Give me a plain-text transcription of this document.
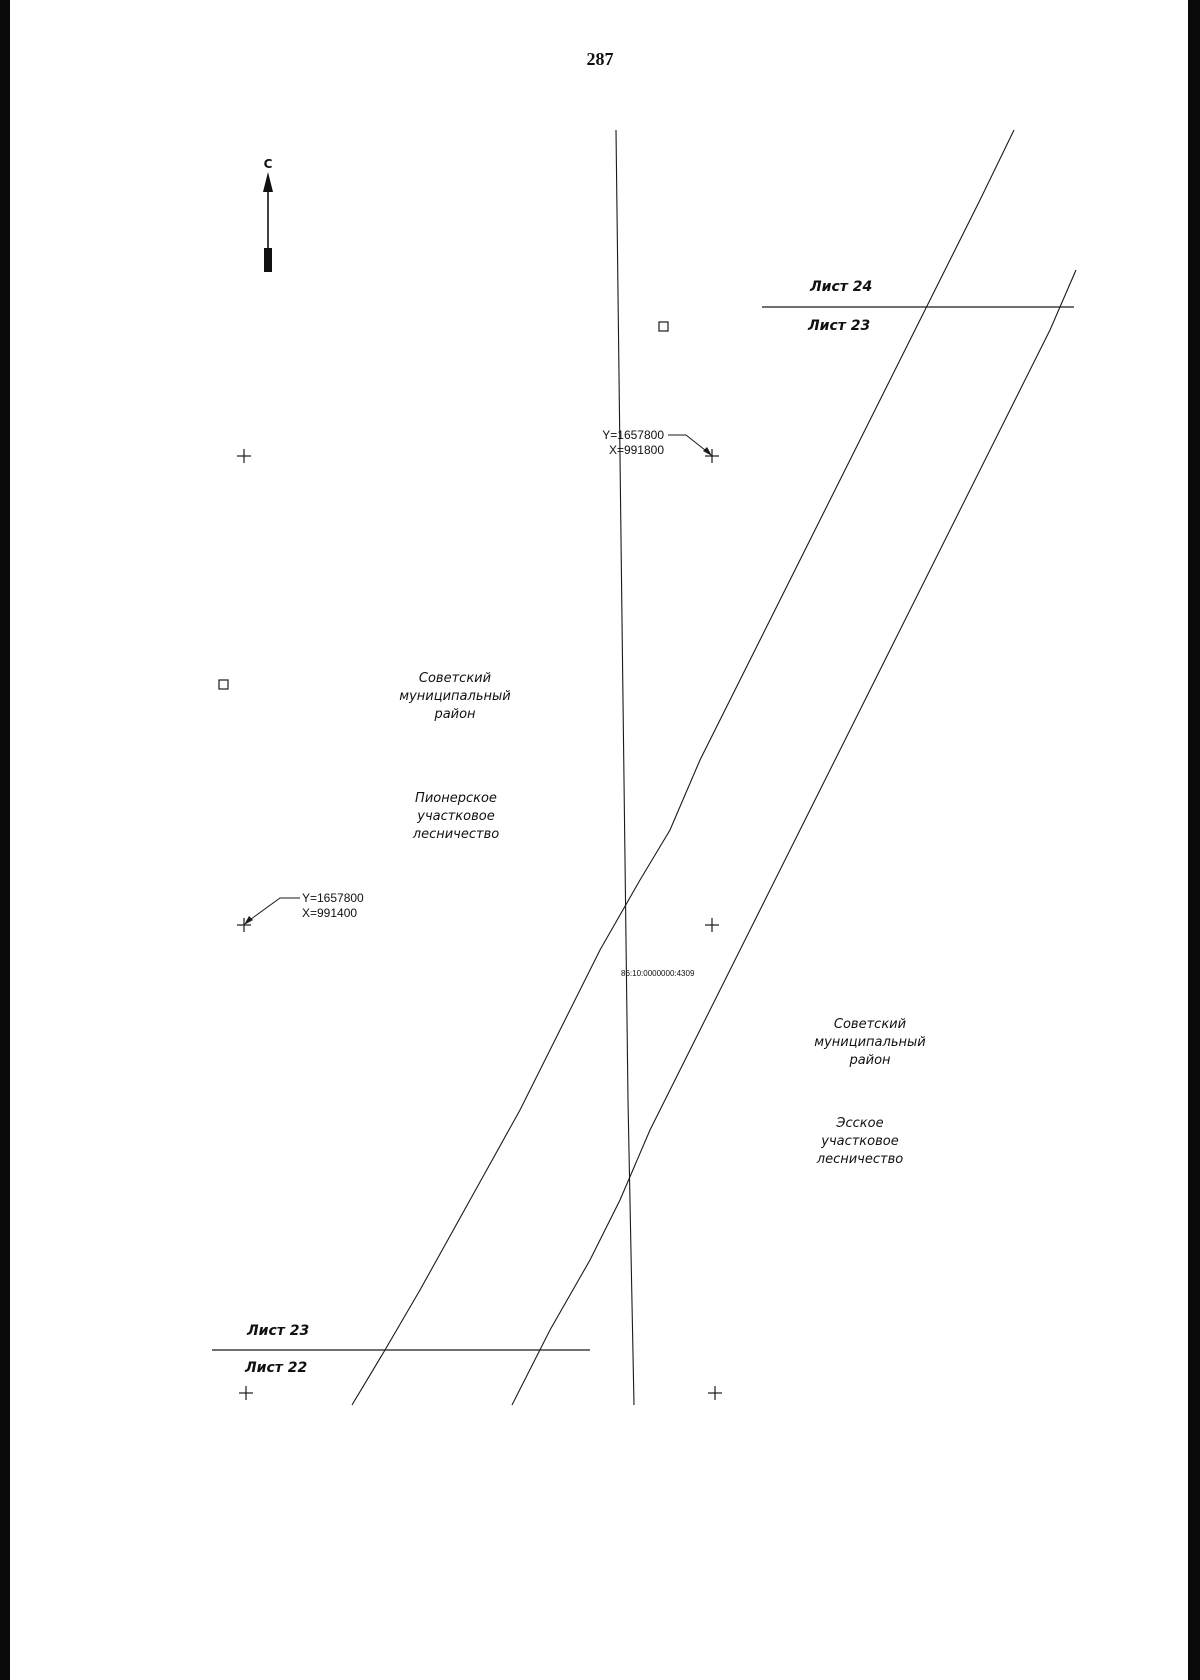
287
С
Лист 24
Лист 23
Лист 23
Лист 22
Y=1657800
X=991800
Y=1657800
X=991400
Советский
муниципальный
район
Пионерское
участковое
лесничество
Советский
муниципальный
район
Эсское
участковое
лесничество
86:10:0000000:4309
